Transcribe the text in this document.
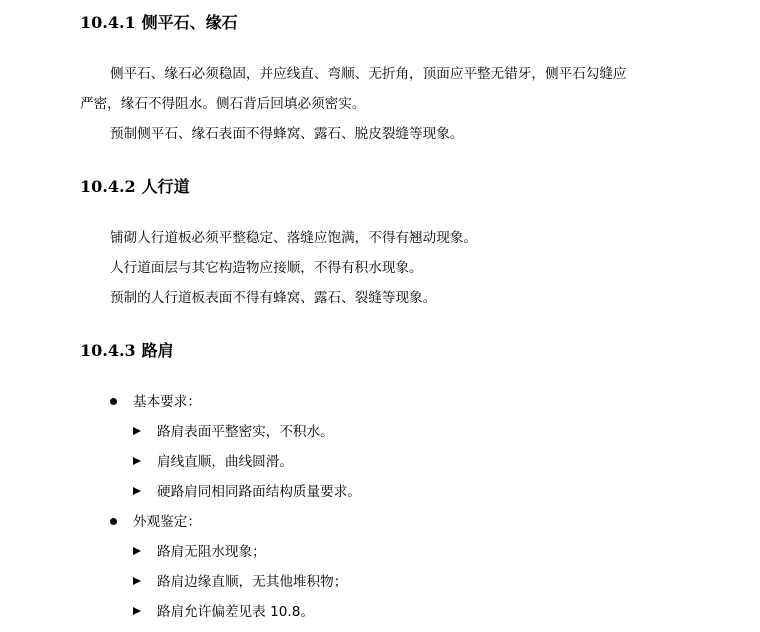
10.4.1 侧平石、缘石
侧平石、缘石必须稳固，并应线直、弯顺、无折角，顶面应平整无错牙，侧平石勾缝应
严密，缘石不得阻水。侧石背后回填必须密实。
预制侧平石、缘石表面不得蜂窝、露石、脱皮裂缝等现象。
10.4.2 人行道
铺砌人行道板必须平整稳定、落缝应饱满，不得有翘动现象。
人行道面层与其它构造物应接顺，不得有积水现象。
预制的人行道板表面不得有蜂窝、露石、裂缝等现象。
10.4.3 路肩
基本要求：
路肩表面平整密实，不积水。
肩线直顺，曲线圆滑。
硬路肩同相同路面结构质量要求。
外观鉴定：
路肩无阻水现象；
路肩边缘直顺，无其他堆积物；
路肩允许偏差见表 10.8。
